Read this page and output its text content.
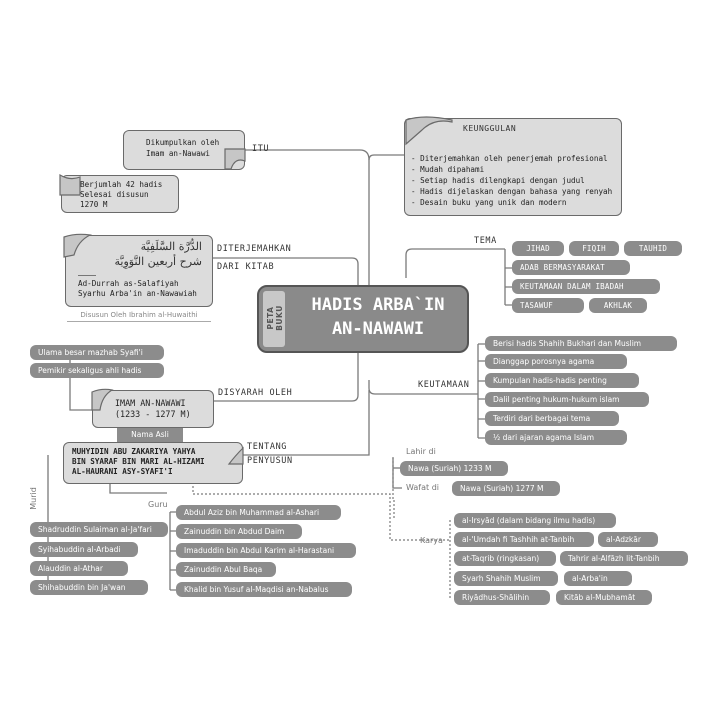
PETA BUKU
HADIS ARBA`IN
AN-NAWAWI
ITU
Dikumpulkan oleh
Imam an-Nawawi
Berjumlah 42 hadis
Selesai disusun
1270 M
DITERJEMAHKAN
DARI KITAB
الدُّرَّة السَّلَفِيَّة
شرح أربعين النَّوَوِيَّة
Ad-Durrah as-Salafiyah
Syarhu Arba'in an-Nawawiah
Disusun Oleh Ibrahim al-Huwaithi
Ulama besar mazhab Syafi'i
Pemikir sekaligus ahli hadis
DISYARAH OLEH
IMAM AN-NAWAWI
(1233 - 1277 M)
Nama Asli
TENTANG
PENYUSUN
MUHYIDIN ABU ZAKARIYA YAHYA
BIN SYARAF BIN MARI AL-HIZAMI
AL-HAURANI ASY-SYAFI'I
Murid
Shadruddin Sulaiman al-Ja'fari
Syihabuddin al-Arbadi
Alauddin al-Athar
Shihabuddin bin Ja'wan
Guru
Abdul Aziz bin Muhammad al-Ashari
Zainuddin bin Abdud Daim
Imaduddin bin Abdul Karim al-Harastani
Zainuddin Abul Baqa
Khalid bin Yusuf al-Maqdisi an-Nabalus
KEUNGGULAN
- Diterjemahkan oleh penerjemah profesional
- Mudah dipahami
- Setiap hadis dilengkapi dengan judul
- Hadis dijelaskan dengan bahasa yang renyah
- Desain buku yang unik dan modern
TEMA
JIHAD	FIQIH	TAUHID
ADAB BERMASYARAKAT
KEUTAMAAN DALAM IBADAH
TASAWUF	AKHLAK
KEUTAMAAN
Berisi hadis Shahih Bukhari dan Muslim
Dianggap porosnya agama
Kumpulan hadis-hadis penting
Dalil penting hukum-hukum islam
Terdiri dari berbagai tema
½ dari ajaran agama Islam
Lahir di
Nawa (Suriah) 1233 M
Wafat di	Nawa (Suriah) 1277 M
Karya
al-Irsyād (dalam bidang ilmu hadis)
al-'Umdah fi Tashhih at-Tanbih	al-Adzkār
at-Taqrib (ringkasan)	Tahrir al-Alfāzh lit-Tanbih
Syarh Shahih Muslim	al-Arba'in
Riyādhus-Shālihin	Kitāb al-Mubhamāt
